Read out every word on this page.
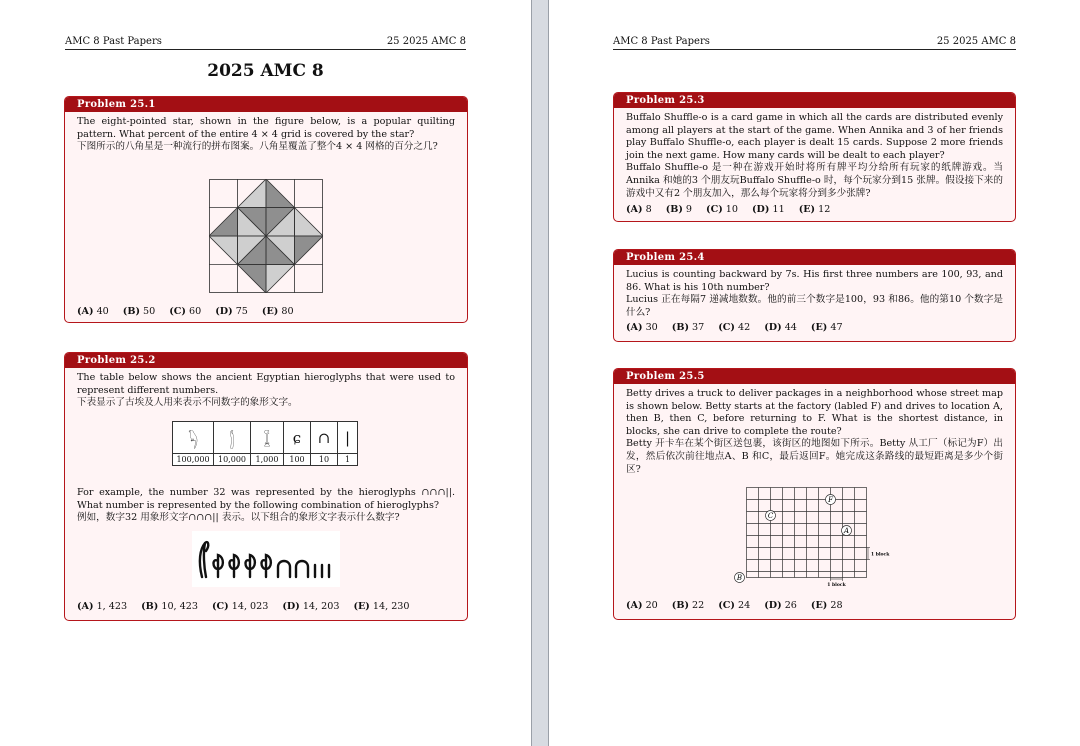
AMC 8 Past Papers	25 2025 AMC 8
2025 AMC 8
Problem 25.1

The eight-pointed star, shown in the figure below, is a popular quilting pattern. What percent of the entire 4 × 4 grid is covered by the star?

下图所示的八角星是一种流行的拼布图案。八角星覆盖了整个4 × 4 网格的百分之几?

(A) 40 (B) 50 (C) 60 (D) 75 (E) 80
Problem 25.2

The table below shows the ancient Egyptian hieroglyphs that were used to represent different numbers.

下表显示了古埃及人用来表示不同数字的象形文字。

𓆐
100,000
𓂭
10,000
𓆼
1,000
ɕ
100
∩
10
|
1

For example, the number 32 was represented by the hieroglyphs ∩∩∩||. What number is represented by the following combination of hieroglyphs?

例如，数字32 用象形文字∩∩∩|| 表示。以下组合的象形文字表示什么数字?

(A) 1, 423 (B) 10, 423 (C) 14, 023 (D) 14, 203 (E) 14, 230
AMC 8 Past Papers	25 2025 AMC 8
Problem 25.3

Buffalo Shuffle-o is a card game in which all the cards are distributed evenly among all players at the start of the game. When Annika and 3 of her friends play Buffalo Shuffle-o, each player is dealt 15 cards. Suppose 2 more friends join the next game. How many cards will be dealt to each player?

Buffalo Shuffle-o 是一种在游戏开始时将所有牌平均分给所有玩家的纸牌游戏。当Annika 和她的3 个朋友玩Buffalo Shuffle-o 时，每个玩家分到15 张牌。假设接下来的游戏中又有2 个朋友加入，那么每个玩家将分到多少张牌?

(A) 8 (B) 9 (C) 10 (D) 11 (E) 12
Problem 25.4

Lucius is counting backward by 7s. His first three numbers are 100, 93, and 86. What is his 10th number?

Lucius 正在每隔7 递减地数数。他的前三个数字是100，93 和86。他的第10 个数字是什么?

(A) 30 (B) 37 (C) 42 (D) 44 (E) 47
Problem 25.5

Betty drives a truck to deliver packages in a neighborhood whose street map is shown below. Betty starts at the factory (labled F) and drives to location A, then B, then C, before returning to F. What is the shortest distance, in blocks, she can drive to complete the route?

Betty 开卡车在某个街区送包裹，该街区的地图如下所示。Betty 从工厂（标记为F）出发，然后依次前往地点A、B 和C，最后返回F。她完成这条路线的最短距离是多少个街区?

F
C
A
B
1 block
1 block
(A) 20 (B) 22 (C) 24 (D) 26 (E) 28
